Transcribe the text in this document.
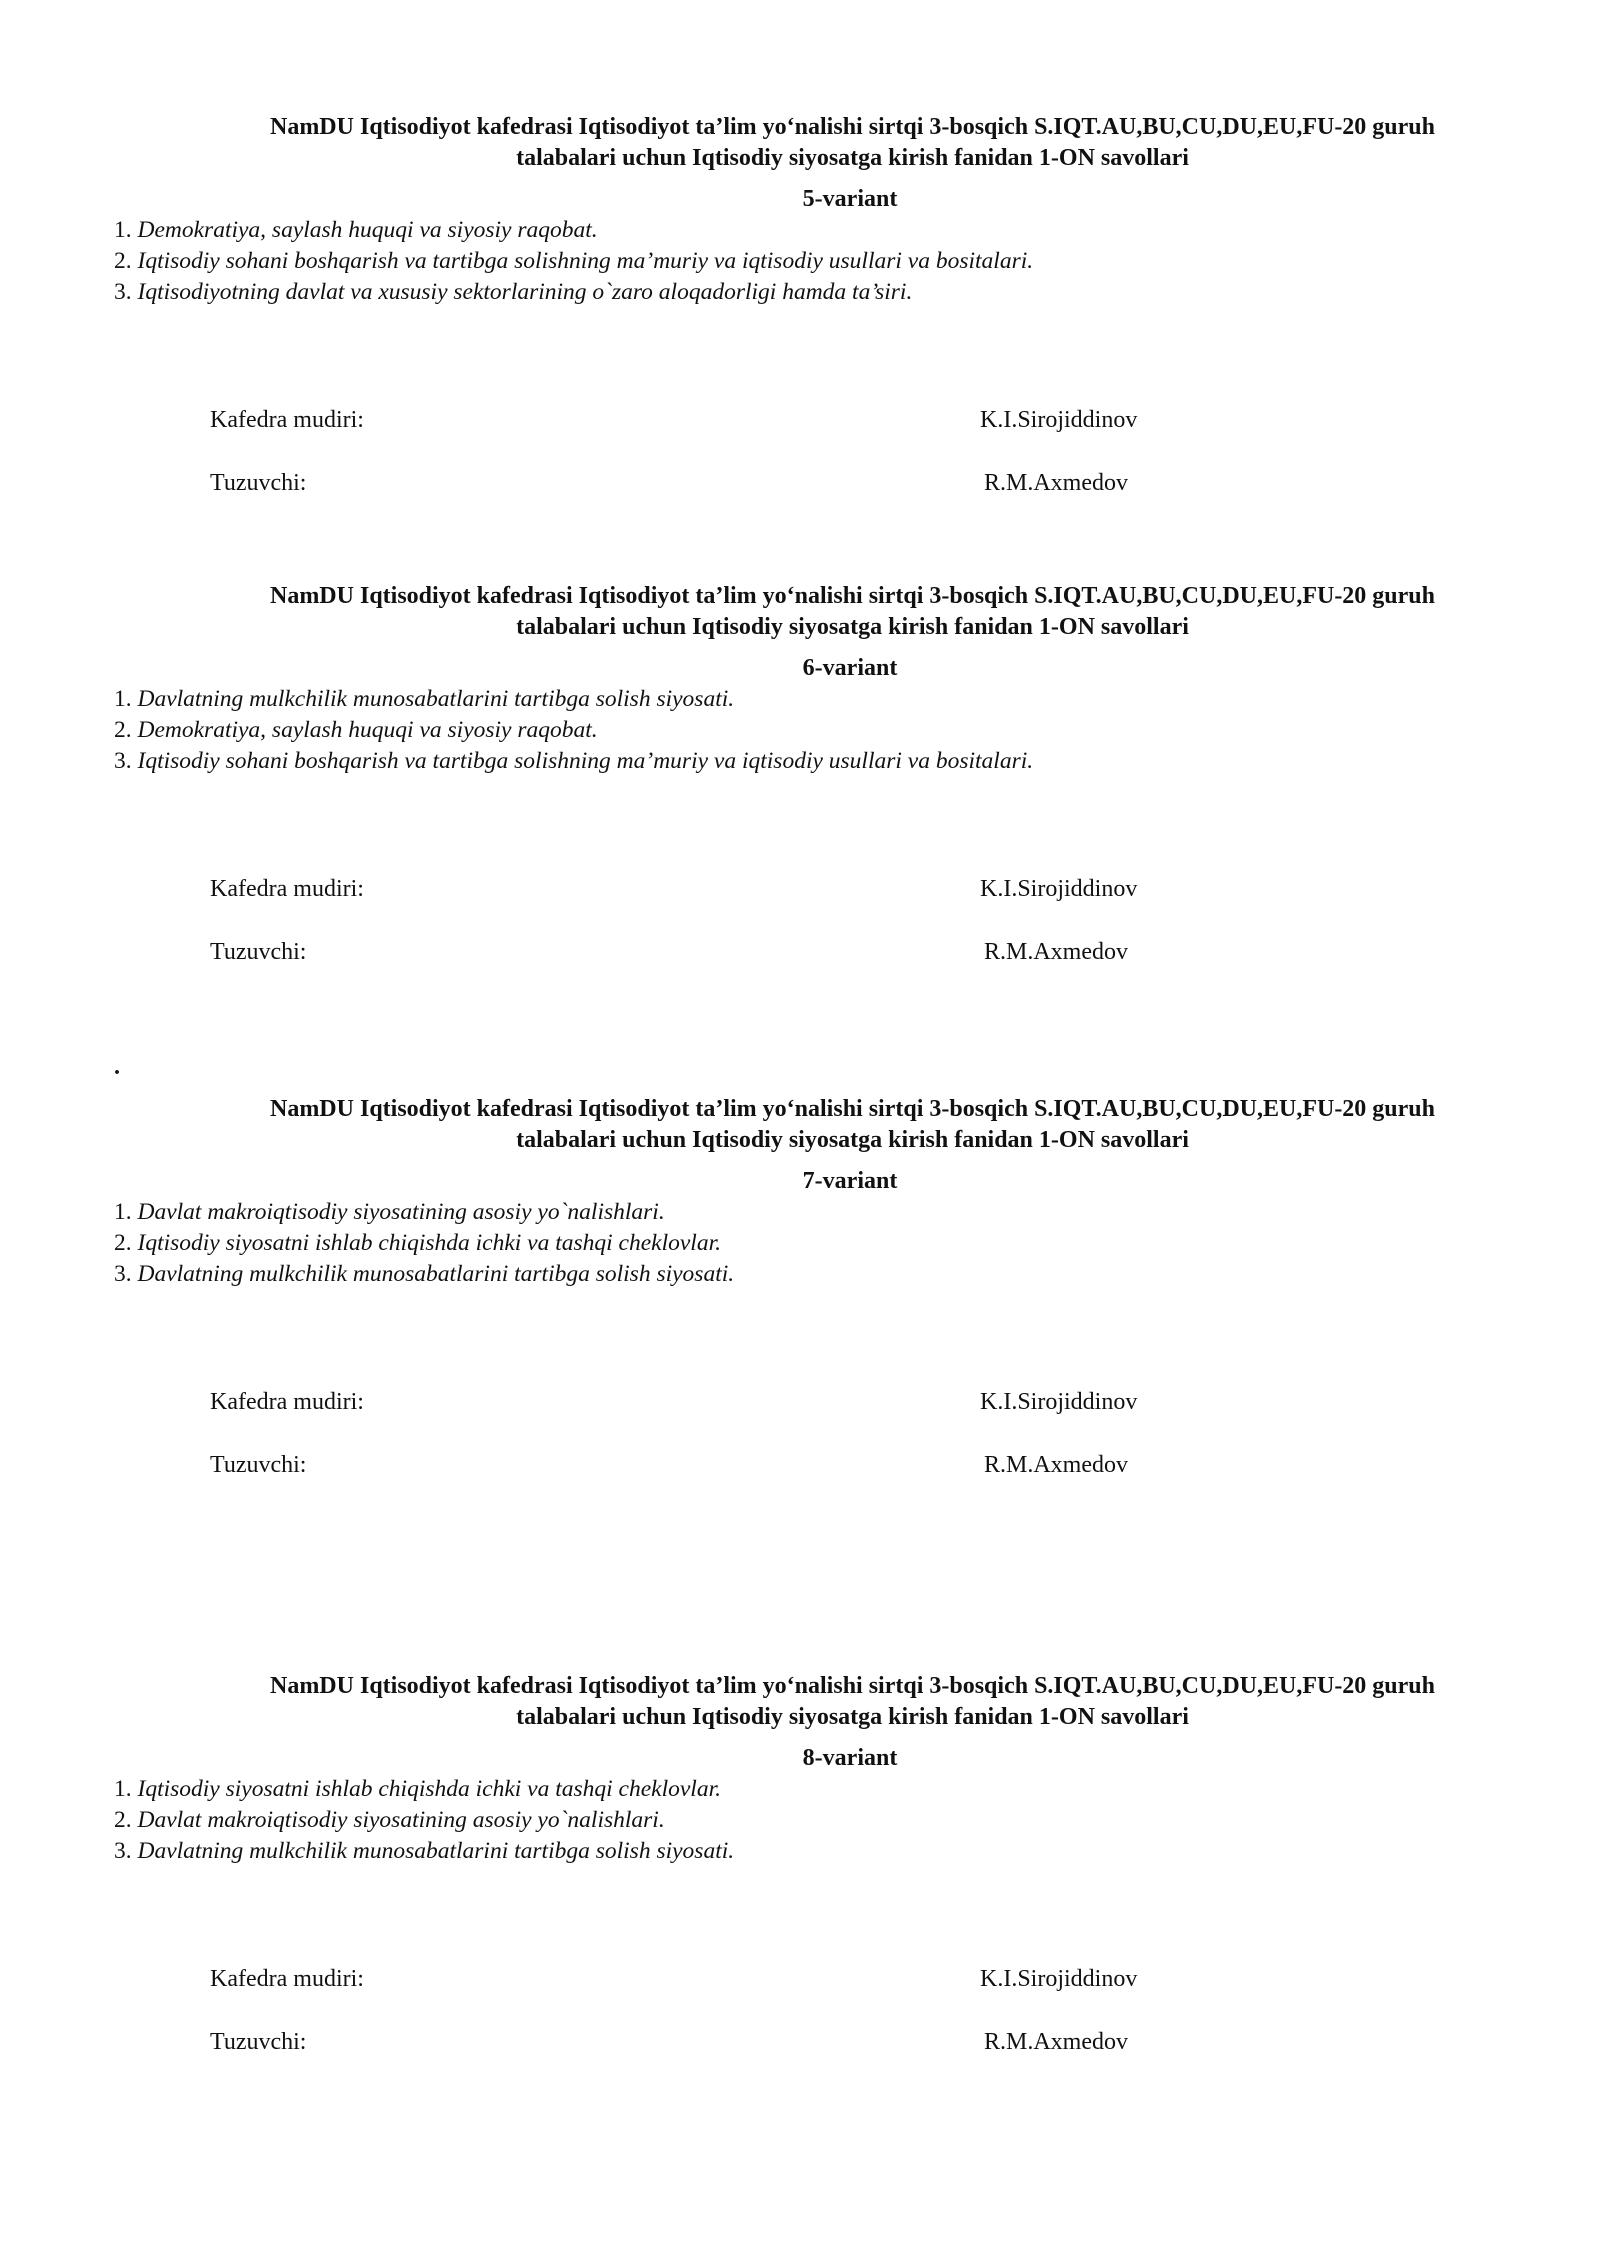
NamDU Iqtisodiyot kafedrasi Iqtisodiyot ta’lim yo‘nalishi sirtqi 3-bosqich S.IQT.AU,BU,CU,DU,EU,FU-20 guruh
talabalari uchun Iqtisodiy siyosatga kirish fanidan 1-ON savollari
5-variant
1. Demokratiya, saylash huquqi va siyosiy raqobat.
2. Iqtisodiy sohani boshqarish va tartibga solishning ma’muriy va iqtisodiy usullari va bositalari.
3. Iqtisodiyotning davlat va xususiy sektorlarining o`zaro aloqadorligi hamda ta’siri.
Kafedra mudiri:	K.I.Sirojiddinov
Tuzuvchi:	R.M.Axmedov
NamDU Iqtisodiyot kafedrasi Iqtisodiyot ta’lim yo‘nalishi sirtqi 3-bosqich S.IQT.AU,BU,CU,DU,EU,FU-20 guruh
talabalari uchun Iqtisodiy siyosatga kirish fanidan 1-ON savollari
6-variant
1. Davlatning mulkchilik munosabatlarini tartibga solish siyosati.
2. Demokratiya, saylash huquqi va siyosiy raqobat.
3. Iqtisodiy sohani boshqarish va tartibga solishning ma’muriy va iqtisodiy usullari va bositalari.
Kafedra mudiri:	K.I.Sirojiddinov
Tuzuvchi:	R.M.Axmedov
.
NamDU Iqtisodiyot kafedrasi Iqtisodiyot ta’lim yo‘nalishi sirtqi 3-bosqich S.IQT.AU,BU,CU,DU,EU,FU-20 guruh
talabalari uchun Iqtisodiy siyosatga kirish fanidan 1-ON savollari
7-variant
1. Davlat makroiqtisodiy siyosatining asosiy yo`nalishlari.
2. Iqtisodiy siyosatni ishlab chiqishda ichki va tashqi cheklovlar.
3. Davlatning mulkchilik munosabatlarini tartibga solish siyosati.
Kafedra mudiri:	K.I.Sirojiddinov
Tuzuvchi:	R.M.Axmedov
NamDU Iqtisodiyot kafedrasi Iqtisodiyot ta’lim yo‘nalishi sirtqi 3-bosqich S.IQT.AU,BU,CU,DU,EU,FU-20 guruh
talabalari uchun Iqtisodiy siyosatga kirish fanidan 1-ON savollari
8-variant
1. Iqtisodiy siyosatni ishlab chiqishda ichki va tashqi cheklovlar.
2. Davlat makroiqtisodiy siyosatining asosiy yo`nalishlari.
3. Davlatning mulkchilik munosabatlarini tartibga solish siyosati.
Kafedra mudiri:	K.I.Sirojiddinov
Tuzuvchi:	R.M.Axmedov
